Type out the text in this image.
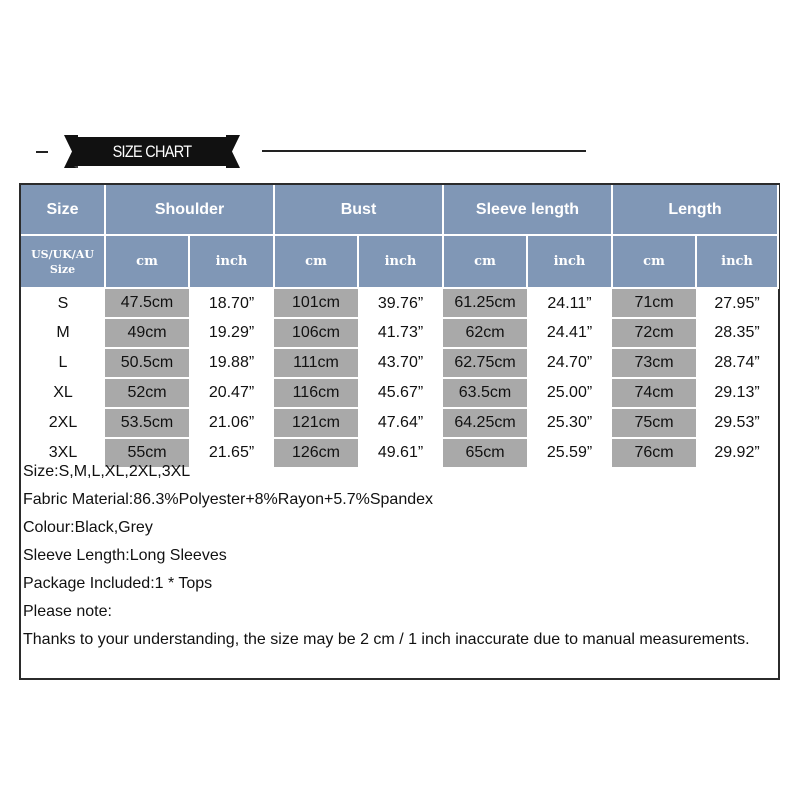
SIZE CHART
Size	Shoulder		Bust		Sleeve length		Length	
US/UK/AU
Size	cm	inch	cm	inch	cm	inch	cm	inch
S	47.5cm	18.70”	101cm	39.76”	61.25cm	24.11”	71cm	27.95”
M	49cm	19.29”	106cm	41.73”	62cm	24.41”	72cm	28.35”
L	50.5cm	19.88”	111cm	43.70”	62.75cm	24.70”	73cm	28.74”
XL	52cm	20.47”	116cm	45.67”	63.5cm	25.00”	74cm	29.13”
2XL	53.5cm	21.06”	121cm	47.64”	64.25cm	25.30”	75cm	29.53”
3XL	55cm	21.65”	126cm	49.61”	65cm	25.59”	76cm	29.92”
Size:S,M,L,XL,2XL,3XL
Fabric Material:86.3%Polyester+8%Rayon+5.7%Spandex
Colour:Black,Grey
Sleeve Length:Long Sleeves
Package Included:1 * Tops
Please note:
Thanks to your understanding, the size may be 2 cm / 1 inch inaccurate due to manual measurements.
